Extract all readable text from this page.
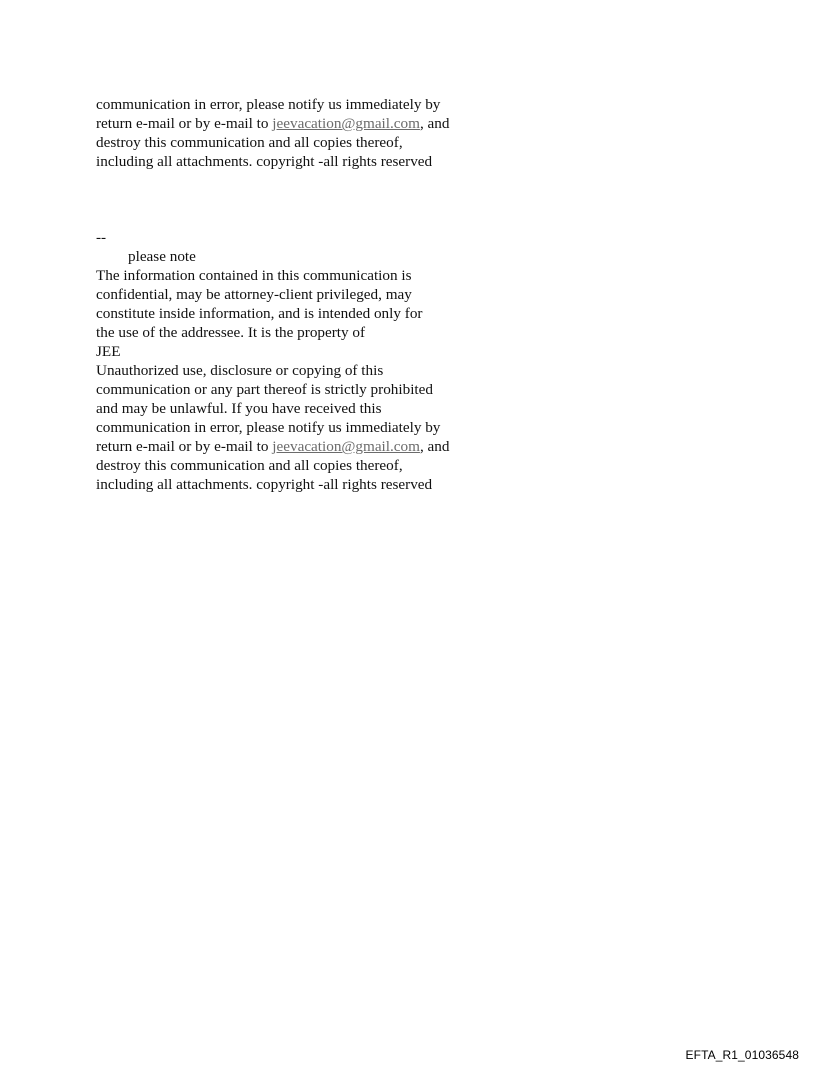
communication in error, please notify us immediately by
return e-mail or by e-mail to jeevacation@gmail.com, and
destroy this communication and all copies thereof,
including all attachments. copyright -all rights reserved
--
please note
The information contained in this communication is
confidential, may be attorney-client privileged, may
constitute inside information, and is intended only for
the use of the addressee. It is the property of
JEE
Unauthorized use, disclosure or copying of this
communication or any part thereof is strictly prohibited
and may be unlawful. If you have received this
communication in error, please notify us immediately by
return e-mail or by e-mail to jeevacation@gmail.com, and
destroy this communication and all copies thereof,
including all attachments. copyright -all rights reserved
EFTA_R1_01036548
